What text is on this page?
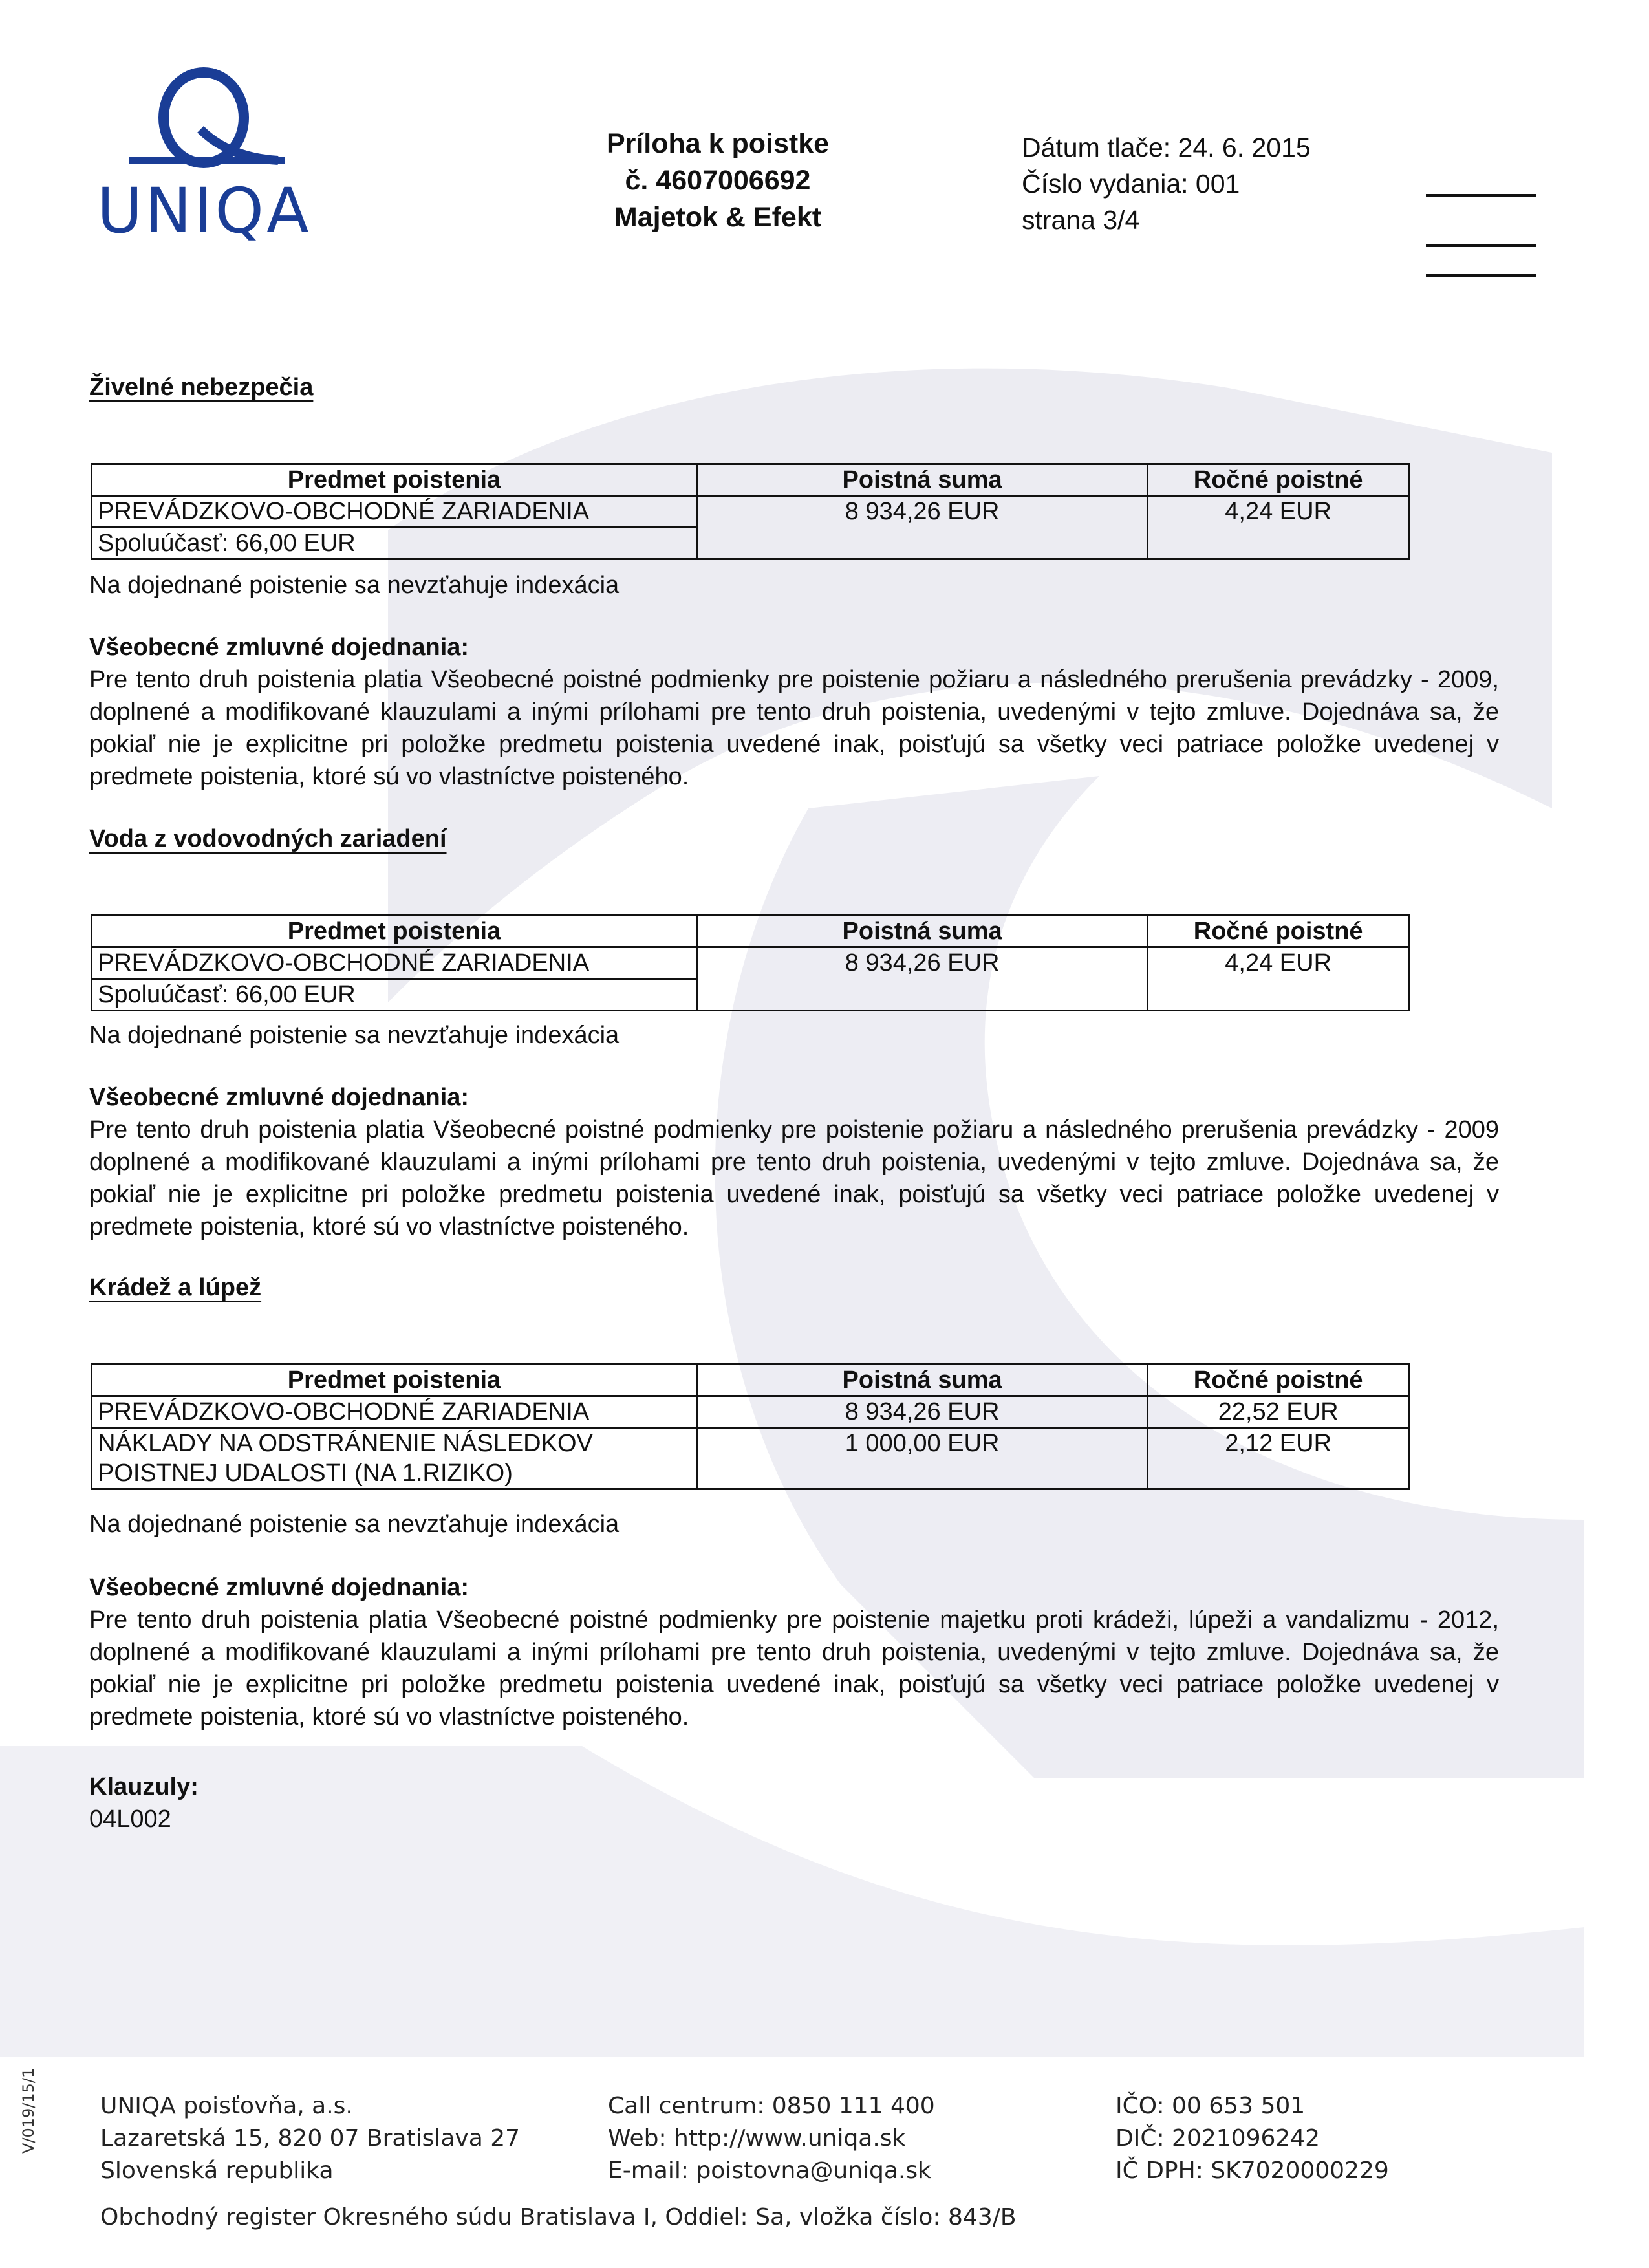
UNIQA
Príloha k poistke
č. 4607006692
Majetok & Efekt
Dátum tlače: 24. 6. 2015
Číslo vydania: 001
strana 3/4
Živelné nebezpečia
Predmet poistenia	Poistná suma	Ročné poistné
PREVÁDZKOVO-OBCHODNÉ ZARIADENIA	8 934,26 EUR	4,24 EUR
Spoluúčasť: 66,00 EUR		
Na dojednané poistenie sa nevzťahuje indexácia
Všeobecné zmluvné dojednania:
Pre tento druh poistenia platia Všeobecné poistné podmienky pre poistenie požiaru a následného prerušenia prevádzky - 2009, doplnené a modifikované klauzulami a inými prílohami pre tento druh poistenia, uvedenými v tejto zmluve. Dojednáva sa, že pokiaľ nie je explicitne pri položke predmetu poistenia uvedené inak, poisťujú sa všetky veci patriace položke uvedenej v predmete poistenia, ktoré sú vo vlastníctve poisteného.
Voda z vodovodných zariadení
Predmet poistenia	Poistná suma	Ročné poistné
PREVÁDZKOVO-OBCHODNÉ ZARIADENIA	8 934,26 EUR	4,24 EUR
Spoluúčasť: 66,00 EUR		
Na dojednané poistenie sa nevzťahuje indexácia
Všeobecné zmluvné dojednania:
Pre tento druh poistenia platia Všeobecné poistné podmienky pre poistenie požiaru a následného prerušenia prevádzky - 2009 doplnené a modifikované klauzulami a inými prílohami pre tento druh poistenia, uvedenými v tejto zmluve. Dojednáva sa, že pokiaľ nie je explicitne pri položke predmetu poistenia uvedené inak, poisťujú sa všetky veci patriace položke uvedenej v predmete poistenia, ktoré sú vo vlastníctve poisteného.
Krádež a lúpež
Predmet poistenia	Poistná suma	Ročné poistné
PREVÁDZKOVO-OBCHODNÉ ZARIADENIA	8 934,26 EUR	22,52 EUR
NÁKLADY NA ODSTRÁNENIE NÁSLEDKOV POISTNEJ UDALOSTI (NA 1.RIZIKO)	1 000,00 EUR	2,12 EUR
Na dojednané poistenie sa nevzťahuje indexácia
Všeobecné zmluvné dojednania:
Pre tento druh poistenia platia Všeobecné poistné podmienky pre poistenie majetku proti krádeži, lúpeži a vandalizmu - 2012, doplnené a modifikované klauzulami a inými prílohami pre tento druh poistenia, uvedenými v tejto zmluve. Dojednáva sa, že pokiaľ nie je explicitne pri položke predmetu poistenia uvedené inak, poisťujú sa všetky veci patriace položke uvedenej v predmete poistenia, ktoré sú vo vlastníctve poisteného.
Klauzuly:
04L002
V/019/15/1	UNIQA poisťovňa, a.s.
Lazaretská 15, 820 07 Bratislava 27
Slovenská republika
Call centrum: 0850 111 400
Web: http://www.uniqa.sk
E-mail: poistovna@uniqa.sk
IČO: 00 653 501
DIČ: 2021096242
IČ DPH: SK7020000229
Obchodný register Okresného súdu Bratislava I, Oddiel: Sa, vložka číslo: 843/B
